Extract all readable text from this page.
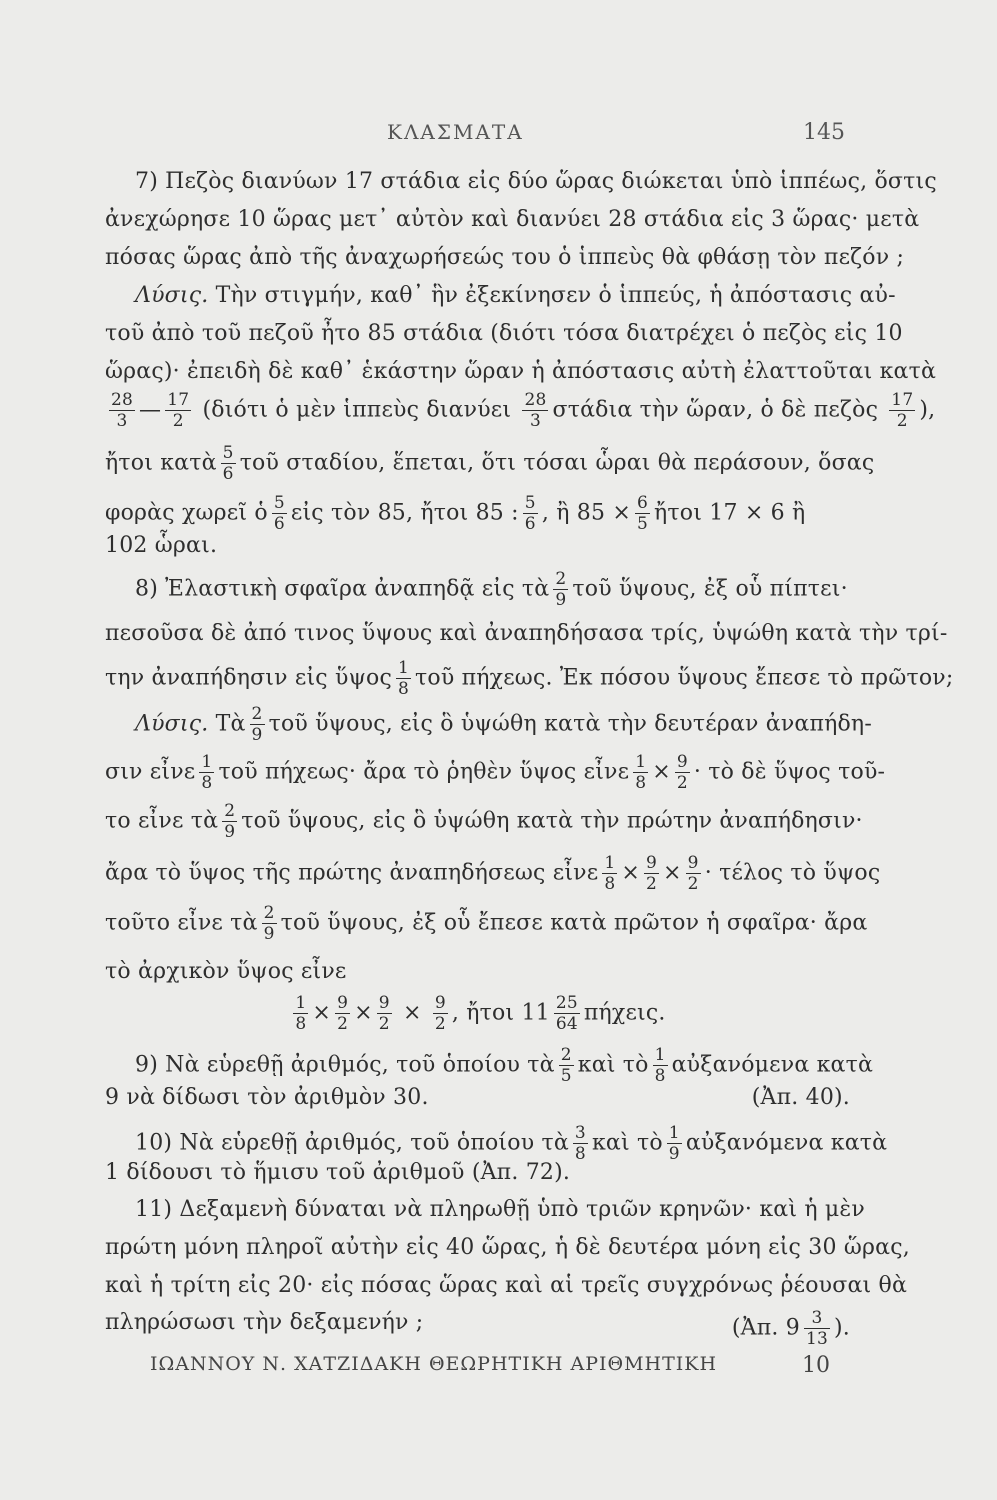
ΚΛΑΣΜΑΤΑ	145
7) Πεζὸς διανύων 17 στάδια εἰς δύο ὥρας διώκεται ὑπὸ ἱππέως, ὅστις
ἀνεχώρησε 10 ὥρας μετ᾽ αὐτὸν καὶ διανύει 28 στάδια εἰς 3 ὥρας· μετὰ
πόσας ὥρας ἀπὸ τῆς ἀναχωρήσεώς του ὁ ἱππεὺς θὰ φθάσῃ τὸν πεζόν ;
Λύσις. Τὴν στιγμήν, καθ᾽ ἣν ἐξεκίνησεν ὁ ἱππεύς, ἡ ἀπόστασις αὐ-
τοῦ ἀπὸ τοῦ πεζοῦ ἦτο 85 στάδια (διότι τόσα διατρέχει ὁ πεζὸς εἰς 10
ὥρας)· ἐπειδὴ δὲ καθ᾽ ἑκάστην ὥραν ἡ ἀπόστασις αὐτὴ ἐλαττοῦται κατὰ
$\frac{28}{3}$ — $\frac{17}{2} (\delta\iota ό\tau\iota$ ὁ μὲν ἱππεὺς διανύει $\frac{28}{3}$ στάδια τὴν ὥραν, ὁ δὲ πεζὸς $\frac{17}{2}$ ),
ἤτοι κατὰ $\frac{5}{6}$ τοῦ σταδίου, ἕπεται, ὅτι τόσαι ὧραι θὰ περάσουν, ὅσας
φορὰς χωρεῖ ὁ $\frac{5}{6}$ εἰς τὸν 85, ἤτοι 85 : $\frac{5}{6}$ , ἢ $85 \times \frac{6}{5}$ ἤτοι 17 × 6 ἢ
102 ὧραι.
8) Ἐλαστικὴ σφαῖρα ἀναπηδᾷ εἰς τὰ $\frac{2}{9}$ τοῦ ὕψους, ἐξ οὗ πίπτει·
πεσοῦσα δὲ ἀπό τινος ὕψους καὶ ἀναπηδήσασα τρίς, ὑψώθη κατὰ τὴν τρί-
την ἀναπήδησιν εἰς ὕψος $\frac{1}{8}$ τοῦ πήχεως. Ἐκ πόσου ὕψους ἔπεσε τὸ πρῶτον;
Λύσις. Τὰ $\frac{2}{9}$ τοῦ ὕψους, εἰς ὃ ὑψώθη κατὰ τὴν δευτέραν ἀναπήδη-
σιν εἶνε $\frac{1}{8}$ τοῦ πήχεως· ἄρα τὸ ῥηθὲν ὕψος εἶνε $\frac{1}{8} \times \frac{9}{2}$ · τὸ δὲ ὕψος τοῦ-
το εἶνε τὰ $\frac{2}{9}$ τοῦ ὕψους, εἰς ὃ ὑψώθη κατὰ τὴν πρώτην ἀναπήδησιν·
ἄρα τὸ ὕψος τῆς πρώτης ἀναπηδήσεως εἶνε $\frac{1}{8} \times \frac{9}{2} \times \frac{9}{2} \cdot \tau έ\lambda o\varsigma$ τὸ ὕψος
τοῦτο εἶνε τὰ $\frac{2}{9}$ τοῦ ὕψους, ἐξ οὗ ἔπεσε κατὰ πρῶτον ἡ σφαῖρα· ἄρα
τὸ ἀρχικὸν ὕψος εἶνε
$\frac{1}{8} \times \frac{9}{2} \times \frac{9}{2} \times \frac{9}{2}$ , ἤτοι $11 \frac{25}{64} \pi ή\chi\varepsilon\iota\varsigma$.
9) Νὰ εὑρεθῇ ἀριθμός, τοῦ ὁποίου τὰ $\frac{2}{5}$ καὶ τὸ $\frac{1}{8}$ αὐξανόμενα κατὰ
9 νὰ δίδωσι τὸν ἀριθμὸν 30.	(Ἀπ. 40).
10) Νὰ εὑρεθῇ ἀριθμός, τοῦ ὁποίου τὰ $\frac{3}{8}$ καὶ τὸ $\frac{1}{9}$ αὐξανόμενα κατὰ
1 δίδουσι τὸ ἥμισυ τοῦ ἀριθμοῦ (Ἀπ. 72).
11) Δεξαμενὴ δύναται νὰ πληρωθῇ ὑπὸ τριῶν κρηνῶν· καὶ ἡ μὲν
πρώτη μόνη πληροῖ αὐτὴν εἰς 40 ὥρας, ἡ δὲ δευτέρα μόνη εἰς 30 ὥρας,
καὶ ἡ τρίτη εἰς 20· εἰς πόσας ὥρας καὶ αἱ τρεῖς συγχρόνως ῥέουσαι θὰ
πληρώσωσι τὴν δεξαμενήν ;	(Ἀπ. $9 \frac{3}{13}$ ).
ΙΩΑΝΝΟΥ Ν. ΧΑΤΖΙΔΑΚΗ ΘΕΩΡΗΤΙΚΗ ΑΡΙΘΜΗΤΙΚΗ	10
